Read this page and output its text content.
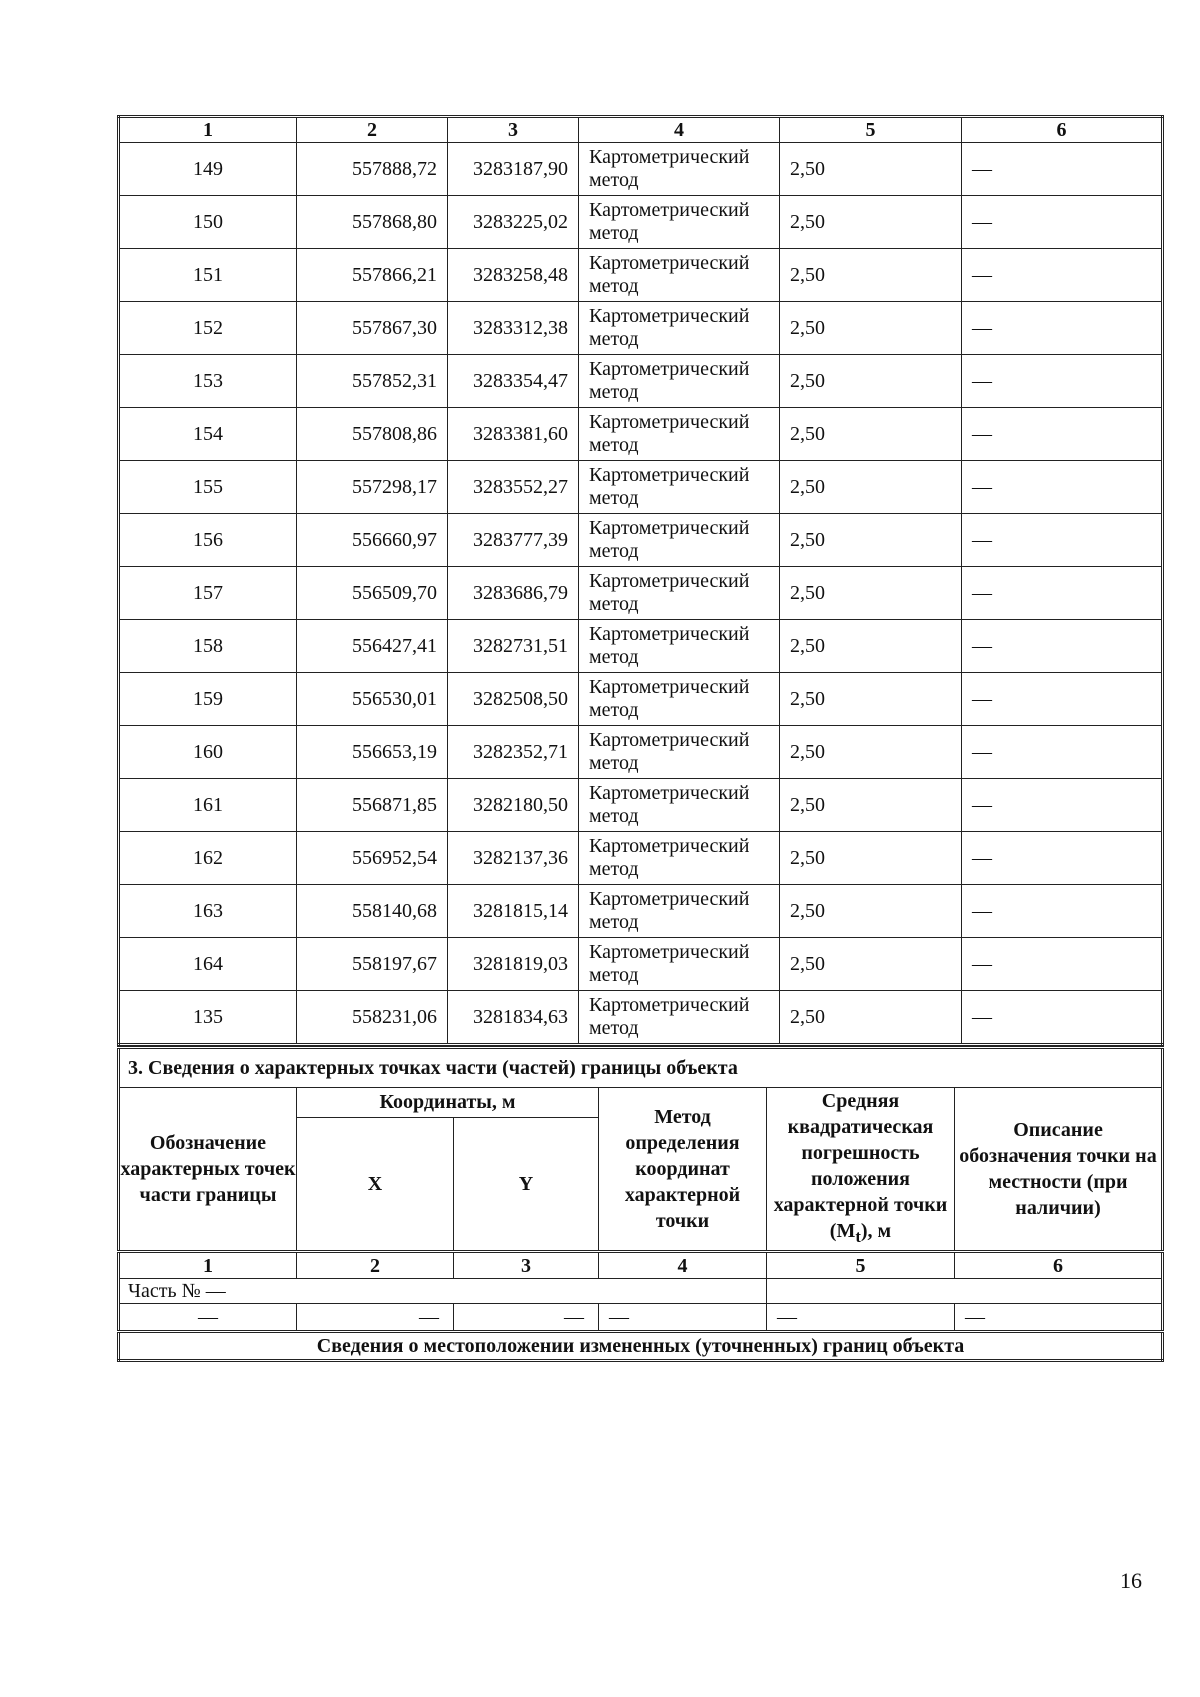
1	2	3	4	5	6
149	557888,72	3283187,90	Картометрический метод	2,50	—
150	557868,80	3283225,02	Картометрический метод	2,50	—
151	557866,21	3283258,48	Картометрический метод	2,50	—
152	557867,30	3283312,38	Картометрический метод	2,50	—
153	557852,31	3283354,47	Картометрический метод	2,50	—
154	557808,86	3283381,60	Картометрический метод	2,50	—
155	557298,17	3283552,27	Картометрический метод	2,50	—
156	556660,97	3283777,39	Картометрический метод	2,50	—
157	556509,70	3283686,79	Картометрический метод	2,50	—
158	556427,41	3282731,51	Картометрический метод	2,50	—
159	556530,01	3282508,50	Картометрический метод	2,50	—
160	556653,19	3282352,71	Картометрический метод	2,50	—
161	556871,85	3282180,50	Картометрический метод	2,50	—
162	556952,54	3282137,36	Картометрический метод	2,50	—
163	558140,68	3281815,14	Картометрический метод	2,50	—
164	558197,67	3281819,03	Картометрический метод	2,50	—
135	558231,06	3281834,63	Картометрический метод	2,50	—
3. Сведения о характерных точках части (частей) границы объекта					
Обозначение характерных точек части границы	Координаты, м		Метод определения координат характерной точки	Средняя квадратическая погрешность положения характерной точки $(M_t)$, м	Описание обозначения точки на местности (при наличии)
	X	Y			
1	2	3	4	5	6
Часть № —					
—	—	—	—	—	—
Сведения о местоположении измененных (уточненных) границ объекта					
16
